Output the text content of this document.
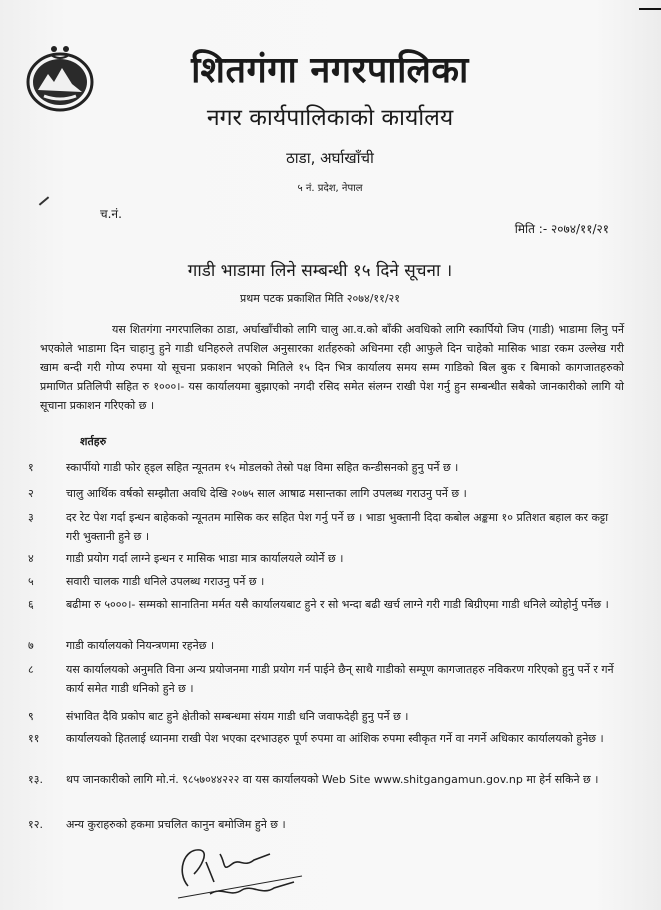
शितगंगा नगरपालिका
नगर कार्यपालिकाको कार्यालय
ठाडा, अर्घाखाँची
५ नं. प्रदेश, नेपाल
च.नं.
मिति :- २०७४/११/२१
गाडी भाडामा लिने सम्बन्धी १५ दिने सूचना ।
प्रथम पटक प्रकाशित मिति २०७४/११/२१

यस शितगंगा नगरपालिका ठाडा, अर्घाखाँचीको लागि चालु आ.व.को बाँकी अवधिको लागि स्कार्पियो जिप (गाडी) भाडामा लिनु पर्ने भएकोले भाडामा दिन चाहानु हुने गाडी धनिहरुले तपशिल अनुसारका शर्तहरुको अधिनमा रही आफुले दिन चाहेको मासिक भाडा रकम उल्लेख गरी खाम बन्दी गरी गोप्य रुपमा यो सूचना प्रकाशन भएको मितिले १५ दिन भित्र कार्यालय समय सम्म गाडिको बिल बुक र बिमाको कागजातहरुको प्रमाणित प्रतिलिपी सहित रु १०००।- यस कार्यालयमा बुझाएको नगदी रसिद समेत संलग्न राखी पेश गर्नु हुन सम्बन्धीत सबैको जानकारीको लागि यो सूचाना प्रकाशन गरिएको छ ।

शर्तहरु
१	स्कार्पीयो गाडी फोर ह्इल सहित न्यूनतम १५ मोडलको तेस्रो पक्ष विमा सहित कन्डीसनको हुनु पर्ने छ ।
२	चालु आर्थिक वर्षको सम्झौता अवधि देखि २०७५ साल आषाढ मसान्तका लागि उपलब्ध गराउनु पर्ने छ ।
३	दर रेट पेश गर्दा इन्धन बाहेकको न्यूनतम मासिक कर सहित पेश गर्नु पर्ने छ । भाडा भुक्तानी दिदा कबोल अङ्कमा १० प्रतिशत बहाल कर कट्टा गरी भुक्तानी हुने छ ।
४	गाडी प्रयोग गर्दा लाग्ने इन्धन र मासिक भाडा मात्र कार्यालयले व्योर्नेे छ ।
५	सवारी चालक गाडी धनिले उपलब्ध गराउनु पर्ने छ ।
६	बढीमा रु ५०००।- सम्मको सानातिना मर्मत यसै कार्यालयबाट हुने र सो भन्दा बढी खर्च लाग्ने गरी गाडी बिग्रीएमा गाडी धनिले व्योहोर्नु पर्नेछ ।
७	गाडी कार्यालयको नियन्त्रणमा रहनेछ ।
८	यस कार्यालयको अनुमति विना अन्य प्रयोजनमा गाडी प्रयोग गर्न पाईने छैन् साथै गाडीको सम्पूण कागजातहरु नविकरण गरिएको हुनु पर्ने र गर्ने कार्य समेत गाडी धनिको हुने छ ।
९	संभावित दैवि प्रकोप बाट हुने क्षेतीको सम्बन्धमा संयम गाडी धनि जवाफदेही हुनु पर्ने छ ।
११	कार्यालयको हितलाई ध्यानमा राखी पेश भएका दरभाउहरु पूर्ण रुपमा वा आंशिक रुपमा स्वीकृत गर्ने वा नगर्ने अधिकार कार्यालयको हुनेछ ।
१३.	थप जानकारीको लागि मो.नं. ९८५७०४४२२२ वा यस कार्यालयको Web Site www.shitgangamun.gov.np मा हेर्न सकिने छ ।
१२.	अन्य कुराहरुको हकमा प्रचलित कानुन बमोजिम हुने छ ।
